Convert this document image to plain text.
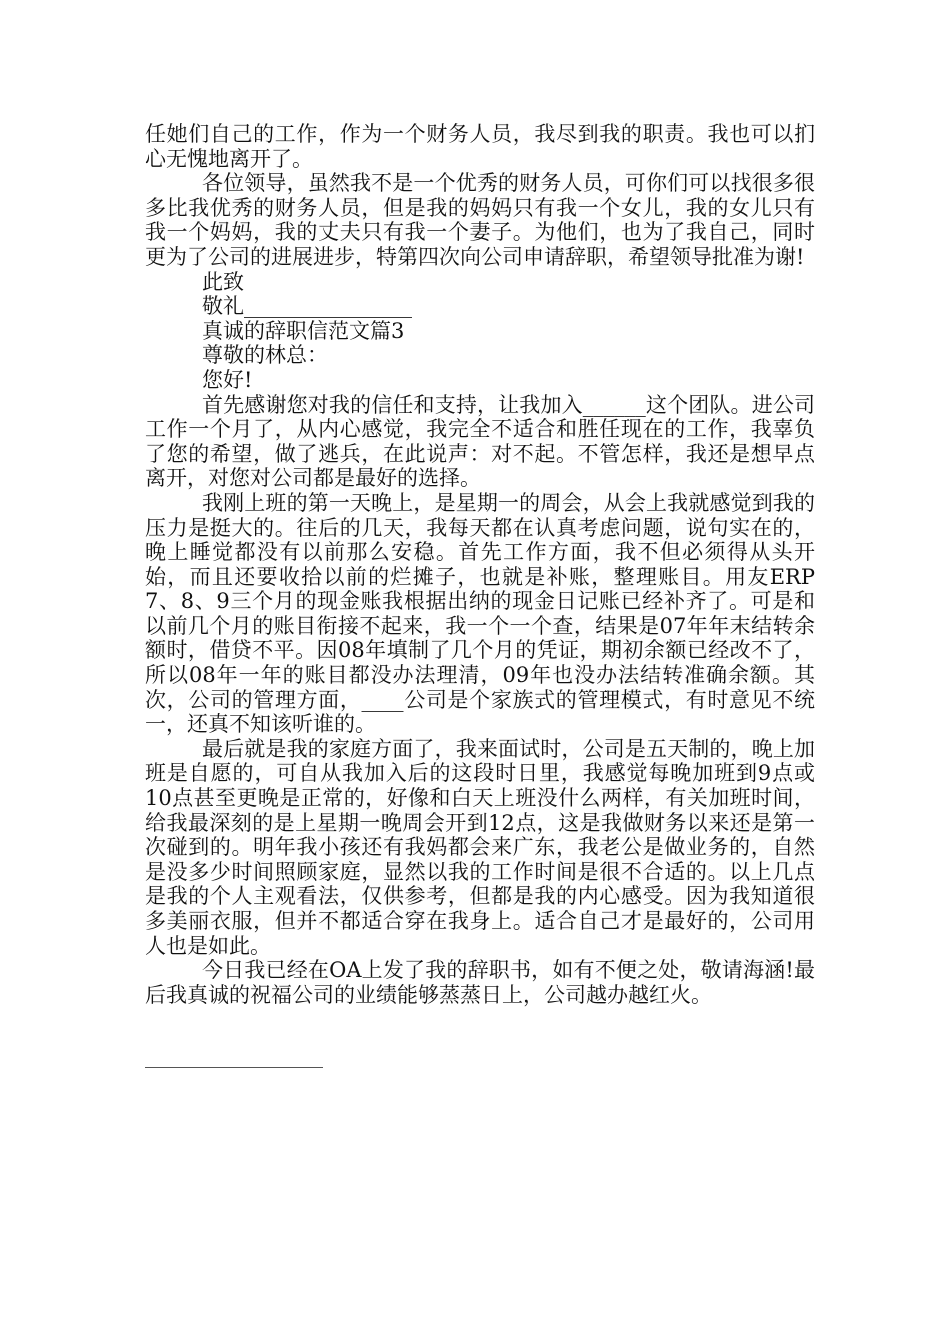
任她们自己的工作，作为一个财务人员，我尽到我的职责。我也可以扪心无愧地离开了。

各位领导，虽然我不是一个优秀的财务人员，可你们可以找很多很多比我优秀的财务人员，但是我的妈妈只有我一个女儿，我的女儿只有我一个妈妈，我的丈夫只有我一个妻子。为他们，也为了我自己，同时更为了公司的进展进步，特第四次向公司申请辞职，希望领导批准为谢!

此致

敬礼________________

真诚的辞职信范文篇3

尊敬的林总：

您好!

首先感谢您对我的信任和支持，让我加入______这个团队。进公司工作一个月了，从内心感觉，我完全不适合和胜任现在的工作，我辜负了您的希望，做了逃兵，在此说声：对不起。不管怎样，我还是想早点离开，对您对公司都是最好的选择。

我刚上班的第一天晚上，是星期一的周会，从会上我就感觉到我的压力是挺大的。往后的几天，我每天都在认真考虑问题，说句实在的，晚上睡觉都没有以前那么安稳。首先工作方面，我不但必须得从头开始，而且还要收拾以前的烂摊子，也就是补账，整理账目。用友ERP 7、8、9三个月的现金账我根据出纳的现金日记账已经补齐了。可是和以前几个月的账目衔接不起来，我一个一个查，结果是07年年末结转余额时，借贷不平。因08年填制了几个月的凭证，期初余额已经改不了，所以08年一年的账目都没办法理清，09年也没办法结转准确余额。其次，公司的管理方面，____公司是个家族式的管理模式，有时意见不统一，还真不知该听谁的。

最后就是我的家庭方面了，我来面试时，公司是五天制的，晚上加班是自愿的，可自从我加入后的这段时日里，我感觉每晚加班到9点或10点甚至更晚是正常的，好像和白天上班没什么两样，有关加班时间，给我最深刻的是上星期一晚周会开到12点，这是我做财务以来还是第一次碰到的。明年我小孩还有我妈都会来广东，我老公是做业务的，自然是没多少时间照顾家庭，显然以我的工作时间是很不合适的。以上几点是我的个人主观看法，仅供参考，但都是我的内心感受。因为我知道很多美丽衣服，但并不都适合穿在我身上。适合自己才是最好的，公司用人也是如此。

今日我已经在OA上发了我的辞职书，如有不便之处，敬请海涵!最后我真诚的祝福公司的业绩能够蒸蒸日上，公司越办越红火。
